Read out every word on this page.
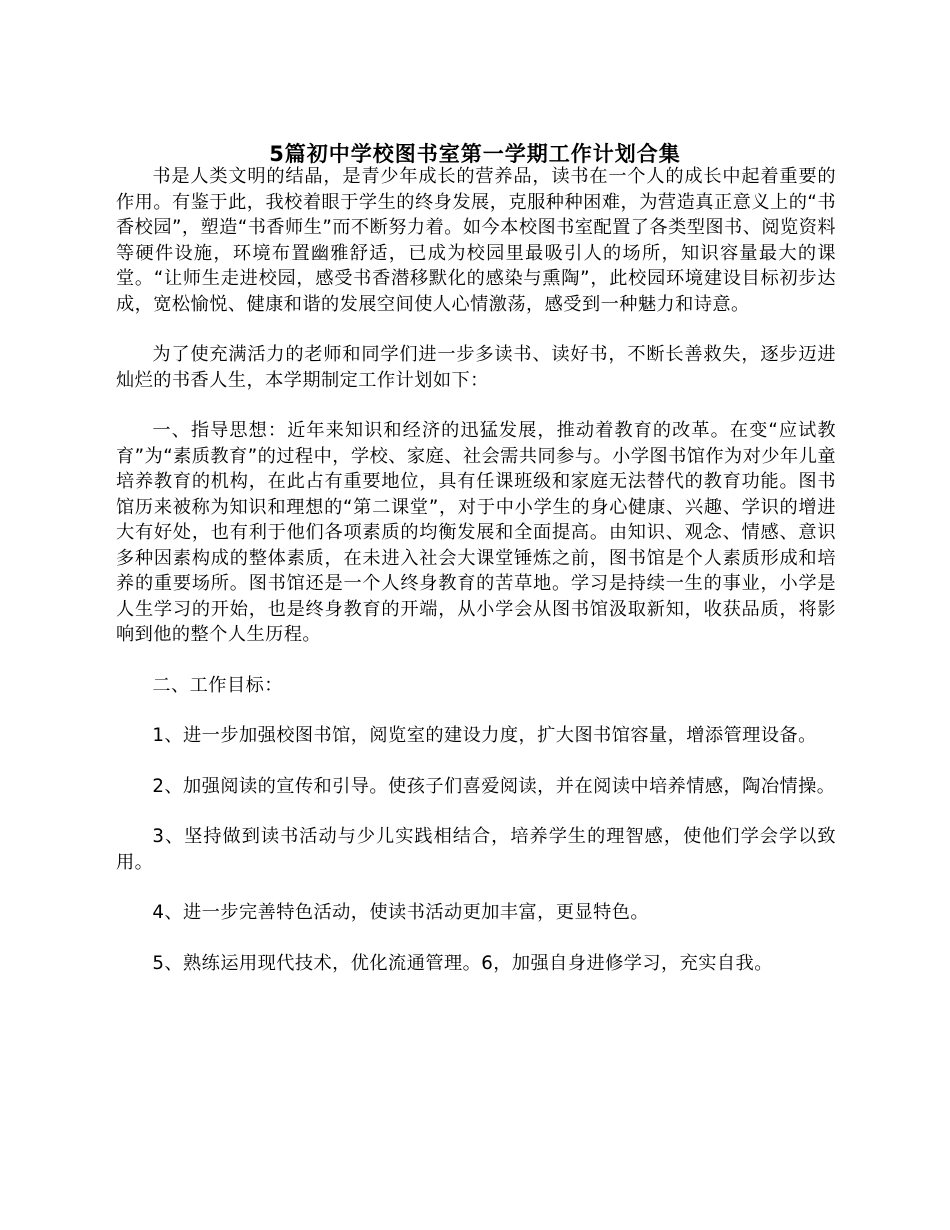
5篇初中学校图书室第一学期工作计划合集

书是人类文明的结晶，是青少年成长的营养品，读书在一个人的成长中起着重要的作用。有鉴于此，我校着眼于学生的终身发展，克服种种困难，为营造真正意义上的“书香校园”，塑造“书香师生”而不断努力着。如今本校图书室配置了各类型图书、阅览资料等硬件设施，环境布置幽雅舒适，已成为校园里最吸引人的场所，知识容量最大的课堂。“让师生走进校园，感受书香潜移默化的感染与熏陶”，此校园环境建设目标初步达成，宽松愉悦、健康和谐的发展空间使人心情激荡，感受到一种魅力和诗意。

为了使充满活力的老师和同学们进一步多读书、读好书，不断长善救失，逐步迈进灿烂的书香人生，本学期制定工作计划如下：

一、指导思想：近年来知识和经济的迅猛发展，推动着教育的改革。在变“应试教育”为“素质教育”的过程中，学校、家庭、社会需共同参与。小学图书馆作为对少年儿童培养教育的机构，在此占有重要地位，具有任课班级和家庭无法替代的教育功能。图书馆历来被称为知识和理想的“第二课堂”，对于中小学生的身心健康、兴趣、学识的增进大有好处，也有利于他们各项素质的均衡发展和全面提高。由知识、观念、情感、意识多种因素构成的整体素质，在未进入社会大课堂锤炼之前，图书馆是个人素质形成和培养的重要场所。图书馆还是一个人终身教育的苦草地。学习是持续一生的事业，小学是人生学习的开始，也是终身教育的开端，从小学会从图书馆汲取新知，收获品质，将影响到他的整个人生历程。

二、工作目标：

1、进一步加强校图书馆，阅览室的建设力度，扩大图书馆容量，增添管理设备。

2、加强阅读的宣传和引导。使孩子们喜爱阅读，并在阅读中培养情感，陶冶情操。

3、坚持做到读书活动与少儿实践相结合，培养学生的理智感，使他们学会学以致用。

4、进一步完善特色活动，使读书活动更加丰富，更显特色。

5、熟练运用现代技术，优化流通管理。6，加强自身进修学习，充实自我。
